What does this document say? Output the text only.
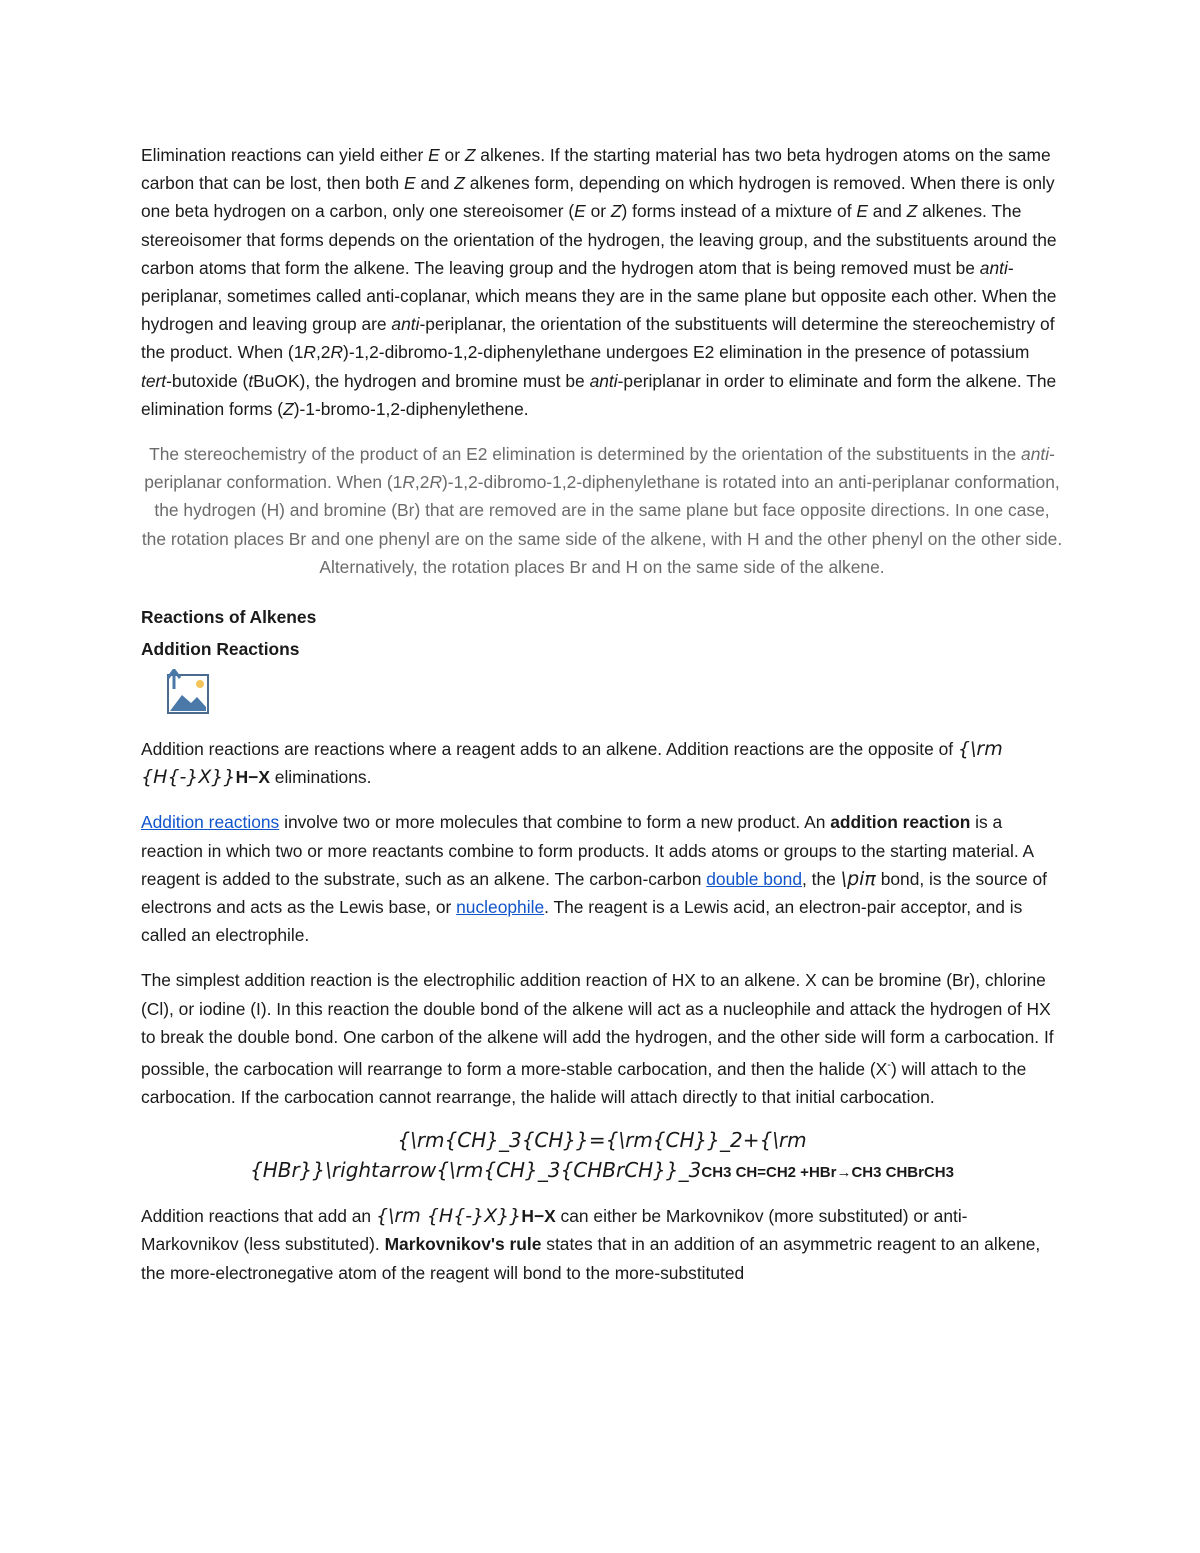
Elimination reactions can yield either E or Z alkenes. If the starting material has two beta hydrogen atoms on the same carbon that can be lost, then both E and Z alkenes form, depending on which hydrogen is removed. When there is only one beta hydrogen on a carbon, only one stereoisomer (E or Z) forms instead of a mixture of E and Z alkenes. The stereoisomer that forms depends on the orientation of the hydrogen, the leaving group, and the substituents around the carbon atoms that form the alkene. The leaving group and the hydrogen atom that is being removed must be anti-periplanar, sometimes called anti-coplanar, which means they are in the same plane but opposite each other. When the hydrogen and leaving group are anti-periplanar, the orientation of the substituents will determine the stereochemistry of the product. When (1R,2R)-1,2-dibromo-1,2-diphenylethane undergoes E2 elimination in the presence of potassium tert-butoxide (tBuOK), the hydrogen and bromine must be anti-periplanar in order to eliminate and form the alkene. The elimination forms (Z)-1-bromo-1,2-diphenylethene.

The stereochemistry of the product of an E2 elimination is determined by the orientation of the substituents in the anti-periplanar conformation. When (1R,2R)-1,2-dibromo-1,2-diphenylethane is rotated into an anti-periplanar conformation, the hydrogen (H) and bromine (Br) that are removed are in the same plane but face opposite directions. In one case, the rotation places Br and one phenyl are on the same side of the alkene, with H and the other phenyl on the other side. Alternatively, the rotation places Br and H on the same side of the alkene.

Reactions of Alkenes

Addition Reactions

Addition reactions are reactions where a reagent adds to an alkene. Addition reactions are the opposite of {\rm {H{-}X}}H−X eliminations.

Addition reactions involve two or more molecules that combine to form a new product. An addition reaction is a reaction in which two or more reactants combine to form products. It adds atoms or groups to the starting material. A reagent is added to the substrate, such as an alkene. The carbon-carbon double bond, the \piπ bond, is the source of electrons and acts as the Lewis base, or nucleophile. The reagent is a Lewis acid, an electron-pair acceptor, and is called an electrophile.

The simplest addition reaction is the electrophilic addition reaction of HX to an alkene. X can be bromine (Br), chlorine (Cl), or iodine (I). In this reaction the double bond of the alkene will act as a nucleophile and attack the hydrogen of HX to break the double bond. One carbon of the alkene will add the hydrogen, and the other side will form a carbocation. If possible, the carbocation will rearrange to form a more-stable carbocation, and then the halide (X-) will attach to the carbocation. If the carbocation cannot rearrange, the halide will attach directly to that initial carbocation.

{\rm{CH}_3{CH}}={\rm{CH}}_2+{\rm
{HBr}}\rightarrow{\rm{CH}_3{CHBrCH}}_3CH3 CH=CH2 +HBr→CH3 CHBrCH3

Addition reactions that add an {\rm {H{-}X}}H−X can either be Markovnikov (more substituted) or anti-Markovnikov (less substituted). Markovnikov's rule states that in an addition of an asymmetric reagent to an alkene, the more-electronegative atom of the reagent will bond to the more-substituted
